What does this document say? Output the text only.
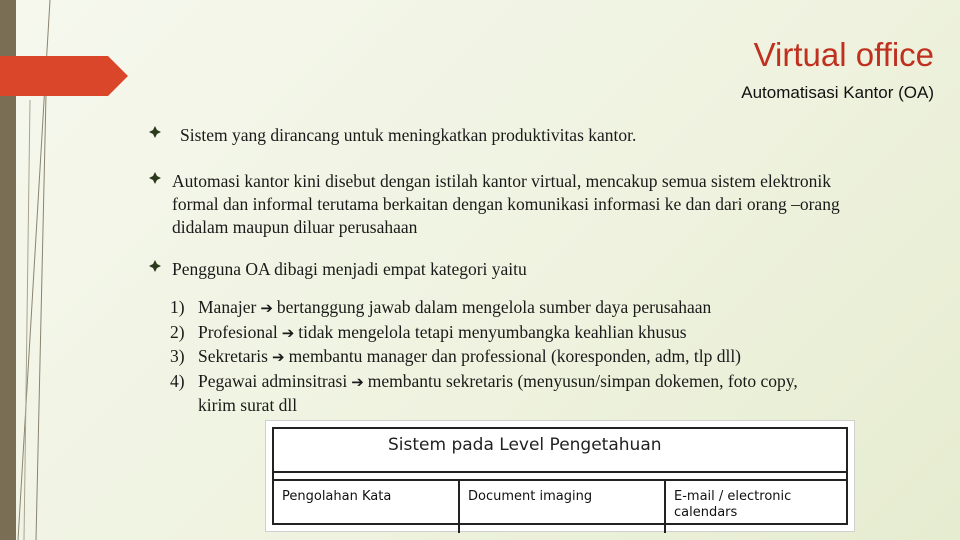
Virtual office
Automatisasi Kantor (OA)
Sistem yang dirancang untuk meningkatkan produktivitas kantor.
Automasi kantor kini disebut dengan istilah kantor virtual, mencakup semua sistem elektronik formal dan informal terutama berkaitan dengan komunikasi informasi ke dan dari orang –orang didalam maupun diluar perusahaan
Pengguna OA dibagi menjadi empat kategori yaitu
1) Manajer ➔ bertanggung jawab dalam mengelola sumber daya perusahaan
2) Profesional ➔ tidak mengelola tetapi menyumbangka keahlian khusus
3) Sekretaris ➔ membantu manager dan professional (koresponden, adm, tlp dll)
4) Pegawai adminsitrasi ➔ membantu sekretaris (menyusun/simpan dokemen, foto copy, kirim surat dll
Sistem pada Level Pengetahuan
Pengolahan Kata	Document imaging	E-mail / electronic calendars
